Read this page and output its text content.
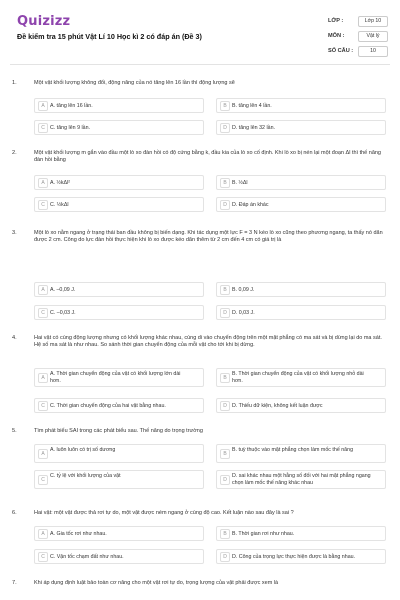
Quizizz
Đề kiểm tra 15 phút Vật Lí 10 Học kì 2 có đáp án (Đề 3)
LỚP :	Lớp 10
MÔN :	Vật lý
SỐ CÂU :	10
1.	Một vật khối lượng không đổi, động năng của nó tăng lên 16 lần thì động lượng sẽ
A	A. tăng lên 16 lần.	B	B. tăng lên 4 lần.
C C. tăng lên 9 lần.	D D. tăng lên 32 lần.
2.	Một vật khối lượng m gắn vào đầu một lò xo đàn hồi có độ cứng bằng k, đầu kia của lò xo cố định. Khi lò xo bị nén lại một đoạn Δl thì thế năng đàn hồi bằng
A	A. ½kΔl²	B	B. ½Δl
C C. ½kΔl	D D. Đáp án khác
3.	Một lò xo nằm ngang ở trạng thái ban đầu không bị biến dạng. Khi tác dụng một lực F = 3 N kéo lò xo cũng theo phương ngang, ta thấy nó dãn được 2 cm. Công do lực đàn hồi thực hiện khi lò xo được kéo dãn thêm từ 2 cm đến 4 cm có giá trị là
A	A. –0,09 J.	B	B. 0,09 J.
C C. –0,03 J.	D D. 0,03 J.
4.	Hai vật có cùng động lượng nhưng có khối lượng khác nhau, cùng di vào chuyển động trên một mặt phẳng có ma sát và bị dừng lại do ma sát. Hệ số ma sát là như nhau. So sánh thời gian chuyển động của mỗi vật cho tới khi bị dừng.
A
A. Thời gian chuyển động của vật có khối lượng lớn dài hơn.	B
B. Thời gian chuyển động của vật có khối lượng nhỏ dài hơn.
C C. Thời gian chuyển động của hai vật bằng nhau.	D D. Thiếu dữ kiện, không kết luận được
5.	Tìm phát biểu SAI trong các phát biểu sau. Thế năng do trọng trường
A
A. luôn luôn có trị số dương
B
B. tuỳ thuộc vào mặt phẳng chọn làm mốc thế năng
C
C. tỷ lệ với khối lượng của vật
D
D. sai khác nhau một hằng số đối với hai mặt phẳng ngang chọn làm mốc thế năng khác nhau
6.	Hai vật: một vật được thả rơi tự do, một vật được ném ngang ở cùng độ cao. Kết luận nào sau đây là sai ?
A	A. Gia tốc rơi như nhau.	B	B. Thời gian rơi như nhau.
C C. Vận tốc chạm đất như nhau.	D D. Công của trọng lực thực hiện được là bằng nhau.
7.	Khi áp dụng định luật bảo toàn cơ năng cho một vật rơi tự do, trọng lượng của vật phải được xem là
